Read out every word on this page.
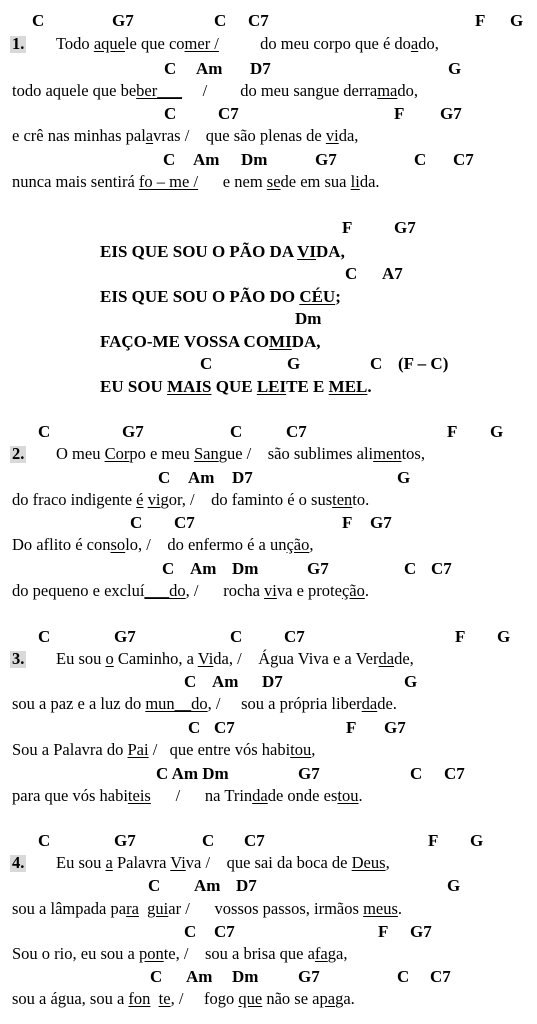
C	G7	C C7	F G
1. Todo aquele que comer /          do meu corpo que é doado,
C Am D7	G
todo aquele que beber___     /        do meu sangue derramado,
C C7	F G7
e crê nas minhas palavras /    que são plenas de vida,
C Am Dm	G7	C C7
nunca mais sentirá fo – me /      e nem sede em sua lida.
F G7
EIS QUE SOU O PÃO DA VIDA,
C A7
EIS QUE SOU O PÃO DO CÉU;
Dm
FAÇO-ME VOSSA COMIDA,
C	G	C (F – C)
EU SOU MAIS QUE LEITE E MEL.
C	G7	C	C7	F G
2. O meu Corpo e meu Sangue /    são sublimes alimentos,
C Am D7	G
do fraco indigente é vigor, /    do faminto é o sustento.
C C7	F G7
Do aflito é consolo, /    do enfermo é a unção,
C Am Dm	G7	C C7
do pequeno e excluí___do, /      rocha viva e proteção.
C	G7	C C7	F G
3. Eu sou o Caminho, a Vida, /    Água Viva e a Verdade,
C Am D7	G
sou a paz e a luz do mun__do, /     sou a própria liberdade.
C C7	F G7
Sou a Palavra do Pai /   que entre vós habitou,
C Am Dm	G7	C C7
para que vós habiteis      /      na Trindade onde estou.
C	G7	C C7	F G
4. Eu sou a Palavra Viva /    que sai da boca de Deus,
C Am D7	G
sou a lâmpada para guiar /      vossos passos, irmãos meus.
C C7	F G7
Sou o rio, eu sou a ponte, /    sou a brisa que afaga,
C Am Dm G7	C C7
sou a água, sou a fon te, /     fogo que não se apaga.
